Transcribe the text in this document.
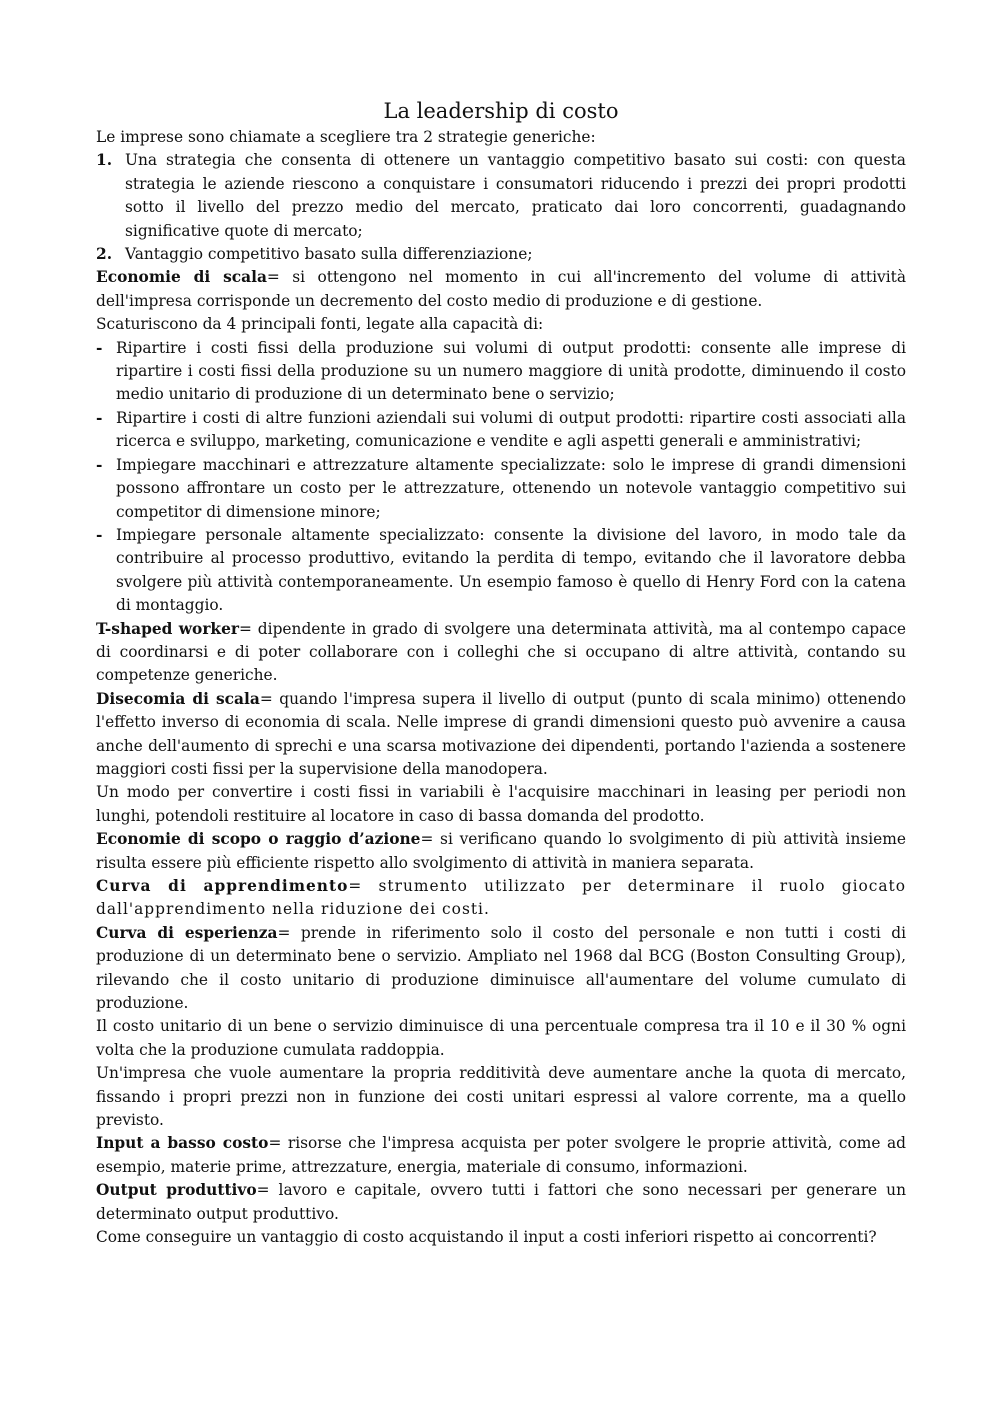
La leadership di costo

Le imprese sono chiamate a scegliere tra 2 strategie generiche:

1. Una strategia che consenta di ottenere un vantaggio competitivo basato sui costi: con questa strategia le aziende riescono a conquistare i consumatori riducendo i prezzi dei propri prodotti sotto il livello del prezzo medio del mercato, praticato dai loro concorrenti, guadagnando significative quote di mercato;
2. Vantaggio competitivo basato sulla differenziazione;

Economie di scala= si ottengono nel momento in cui all'incremento del volume di attività dell'impresa corrisponde un decremento del costo medio di produzione e di gestione.

Scaturiscono da 4 principali fonti, legate alla capacità di:

- Ripartire i costi fissi della produzione sui volumi di output prodotti: consente alle imprese di ripartire i costi fissi della produzione su un numero maggiore di unità prodotte, diminuendo il costo medio unitario di produzione di un determinato bene o servizio;
- Ripartire i costi di altre funzioni aziendali sui volumi di output prodotti: ripartire costi associati alla ricerca e sviluppo, marketing, comunicazione e vendite e agli aspetti generali e amministrativi;
- Impiegare macchinari e attrezzature altamente specializzate: solo le imprese di grandi dimensioni possono affrontare un costo per le attrezzature, ottenendo un notevole vantaggio competitivo sui competitor di dimensione minore;
- Impiegare personale altamente specializzato: consente la divisione del lavoro, in modo tale da contribuire al processo produttivo, evitando la perdita di tempo, evitando che il lavoratore debba svolgere più attività contemporaneamente. Un esempio famoso è quello di Henry Ford con la catena di montaggio.

T-shaped worker= dipendente in grado di svolgere una determinata attività, ma al contempo capace di coordinarsi e di poter collaborare con i colleghi che si occupano di altre attività, contando su competenze generiche.

Disecomia di scala= quando l'impresa supera il livello di output (punto di scala minimo) ottenendo l'effetto inverso di economia di scala. Nelle imprese di grandi dimensioni questo può avvenire a causa anche dell'aumento di sprechi e una scarsa motivazione dei dipendenti, portando l'azienda a sostenere maggiori costi fissi per la supervisione della manodopera.

Un modo per convertire i costi fissi in variabili è l'acquisire macchinari in leasing per periodi non lunghi, potendoli restituire al locatore in caso di bassa domanda del prodotto.

Economie di scopo o raggio d’azione= si verificano quando lo svolgimento di più attività insieme risulta essere più efficiente rispetto allo svolgimento di attività in maniera separata.

Curva di apprendimento= strumento utilizzato per determinare il ruolo giocato dall'apprendimento nella riduzione dei costi.

Curva di esperienza= prende in riferimento solo il costo del personale e non tutti i costi di produzione di un determinato bene o servizio. Ampliato nel 1968 dal BCG (Boston Consulting Group), rilevando che il costo unitario di produzione diminuisce all'aumentare del volume cumulato di produzione.

Il costo unitario di un bene o servizio diminuisce di una percentuale compresa tra il 10 e il 30 % ogni volta che la produzione cumulata raddoppia.

Un'impresa che vuole aumentare la propria redditività deve aumentare anche la quota di mercato, fissando i propri prezzi non in funzione dei costi unitari espressi al valore corrente, ma a quello previsto.

Input a basso costo= risorse che l'impresa acquista per poter svolgere le proprie attività, come ad esempio, materie prime, attrezzature, energia, materiale di consumo, informazioni.

Output produttivo= lavoro e capitale, ovvero tutti i fattori che sono necessari per generare un determinato output produttivo.

Come conseguire un vantaggio di costo acquistando il input a costi inferiori rispetto ai concorrenti?
